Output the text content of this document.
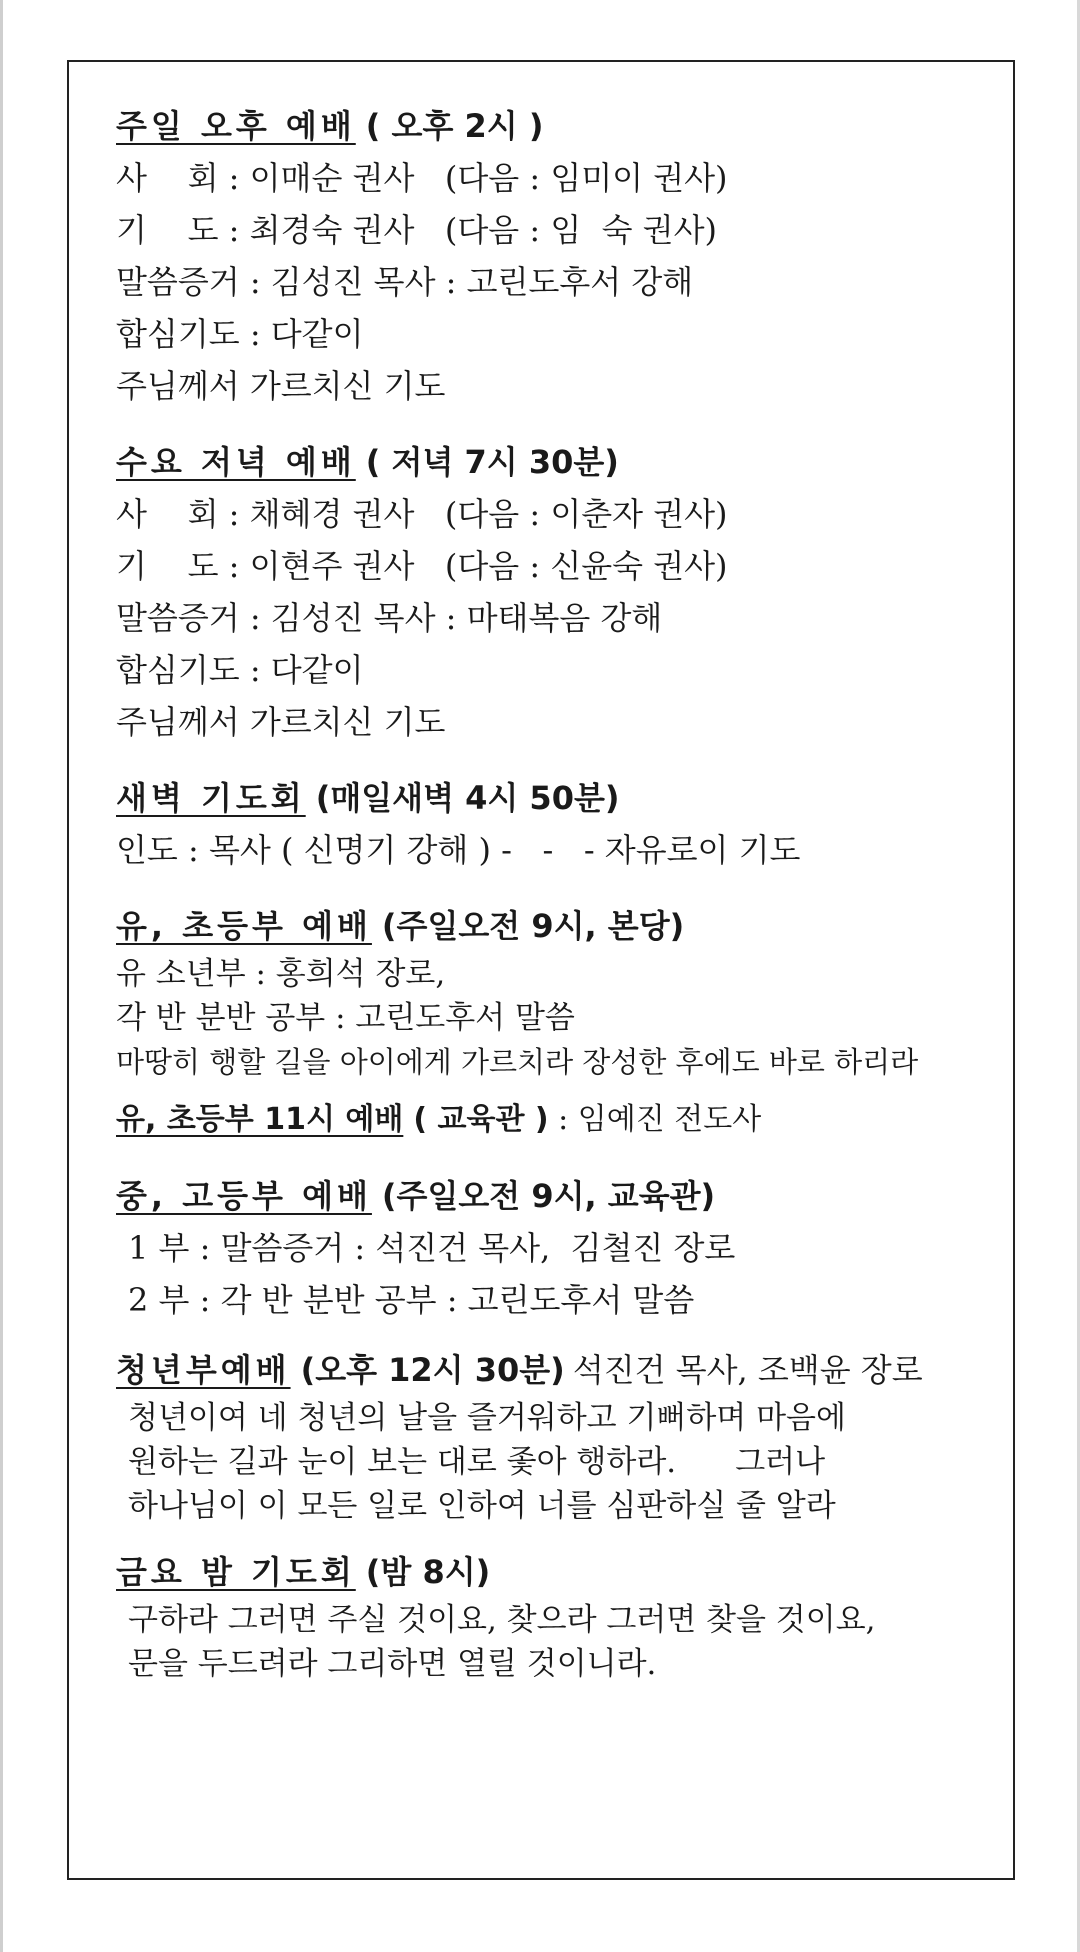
주일 오후 예배 ( 오후 2시 )
사    회 : 이매순 권사   (다음 : 임미이 권사)
기    도 : 최경숙 권사   (다음 : 임  숙 권사)
말씀증거 : 김성진 목사 : 고린도후서 강해
합심기도 : 다같이
주님께서 가르치신 기도
수요 저녁 예배 ( 저녁 7시 30분)
사    회 : 채혜경 권사   (다음 : 이춘자 권사)
기    도 : 이현주 권사   (다음 : 신윤숙 권사)
말씀증거 : 김성진 목사 : 마태복음 강해
합심기도 : 다같이
주님께서 가르치신 기도
새벽 기도회 (매일새벽 4시 50분)
인도 : 목사 ( 신명기 강해 ) -   -   - 자유로이 기도
유, 초등부 예배 (주일오전 9시, 본당)
유 소년부 : 홍희석 장로,
각 반 분반 공부 : 고린도후서 말씀
마땅히 행할 길을 아이에게 가르치라 장성한 후에도 바로 하리라
유, 초등부 11시 예배 ( 교육관 ) : 임예진 전도사
중, 고등부 예배 (주일오전 9시, 교육관)
1 부 : 말씀증거 : 석진건 목사,  김철진 장로
2 부 : 각 반 분반 공부 : 고린도후서 말씀
청년부예배 (오후 12시 30분) 석진건 목사, 조백윤 장로
청년이여 네 청년의 날을 즐거워하고 기뻐하며 마음에
원하는 길과 눈이 보는 대로 좇아 행하라.      그러나
하나님이 이 모든 일로 인하여 너를 심판하실 줄 알라
금요 밤 기도회 (밤 8시)
구하라 그러면 주실 것이요, 찾으라 그러면 찾을 것이요,
문을 두드려라 그리하면 열릴 것이니라.
